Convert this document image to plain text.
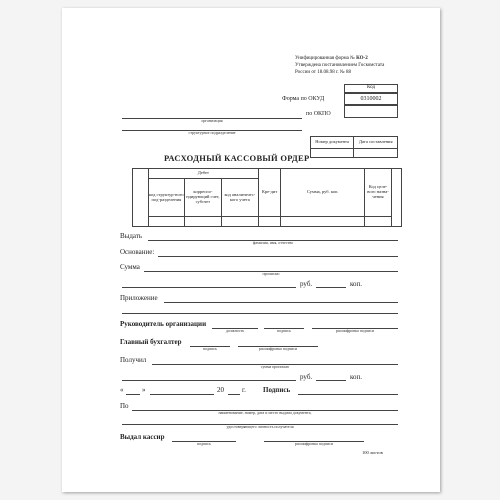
Унифицированная форма № КО-2
Утверждена постановлением Госкомстата
России от 18.08.98 г. № 88
Код
0310002
Форма по ОКУД
по ОКПО
организация
структурное подразделение
Номер документа	Дата составления

РАСХОДНЫЙ КАССОВЫЙ ОРДЕР
	Дебет			Кре-дит	Сумма, руб. коп.	Код целе-вого назна-чения	
	код структур-ного под-разделения	корреспо-ндирующий счет, субсчет	код аналитичес-кого учета				

Выдать
фамилия, имя, отчество
Основание:
Сумма
прописью
руб.	коп.
Приложение
Руководитель организации
должность	подпись	расшифровка подписи
Главный бухгалтер
подпись	расшифровка подписи
Получил
сумма прописью
руб.	коп.
«	»	20	г. Подпись
По
наименование, номер, дата и место выдачи документа,
удостоверяющего личность получателя
Выдал кассир
подпись	расшифровка подписи
100 листов
